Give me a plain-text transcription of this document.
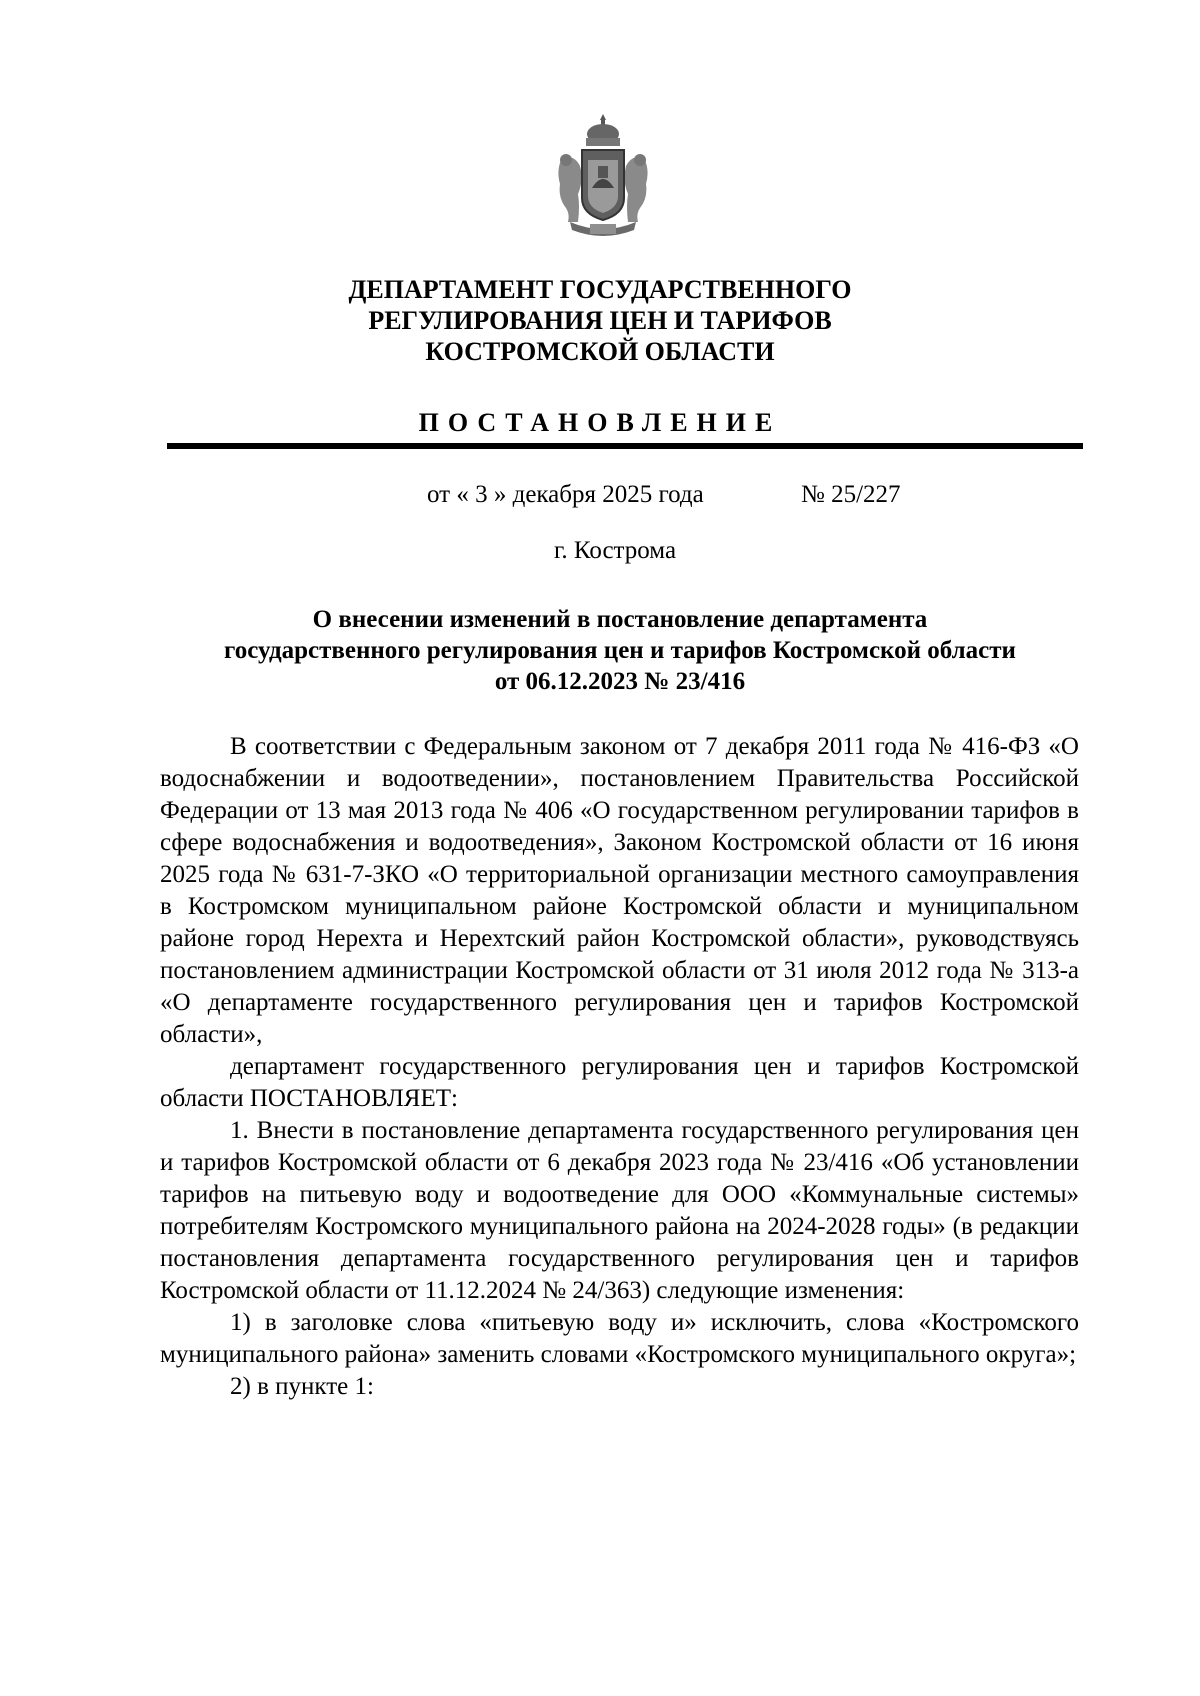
ДЕПАРТАМЕНТ ГОСУДАРСТВЕННОГО
РЕГУЛИРОВАНИЯ ЦЕН И ТАРИФОВ
КОСТРОМСКОЙ ОБЛАСТИ
ПОСТАНОВЛЕНИЕ
от « 3 » декабря 2025 года	№ 25/227
г. Кострома
О внесении изменений в постановление департамента
государственного регулирования цен и тарифов Костромской области
от 06.12.2023 № 23/416

В соответствии с Федеральным законом от 7 декабря 2011 года № 416-ФЗ «О водоснабжении и водоотведении», постановлением Правительства Российской Федерации от 13 мая 2013 года № 406 «О государственном регулировании тарифов в сфере водоснабжения и водоотведения», Законом Костромской области от 16 июня 2025 года № 631-7-ЗКО «О территориальной организации местного самоуправления в Костромском муниципальном районе Костромской области и муниципальном районе город Нерехта и Нерехтский район Костромской области», руководствуясь постановлением администрации Костромской области от 31 июля 2012 года № 313-а «О департаменте государственного регулирования цен и тарифов Костромской области»,

департамент государственного регулирования цен и тарифов Костромской области ПОСТАНОВЛЯЕТ:

1. Внести в постановление департамента государственного регулирования цен и тарифов Костромской области от 6 декабря 2023 года № 23/416 «Об установлении тарифов на питьевую воду и водоотведение для ООО «Коммунальные системы» потребителям Костромского муниципального района на 2024-2028 годы» (в редакции постановления департамента государственного регулирования цен и тарифов Костромской области от 11.12.2024 № 24/363) следующие изменения:

1) в заголовке слова «питьевую воду и» исключить, слова «Костромского муниципального района» заменить словами «Костромского муниципального округа»;

2) в пункте 1:
